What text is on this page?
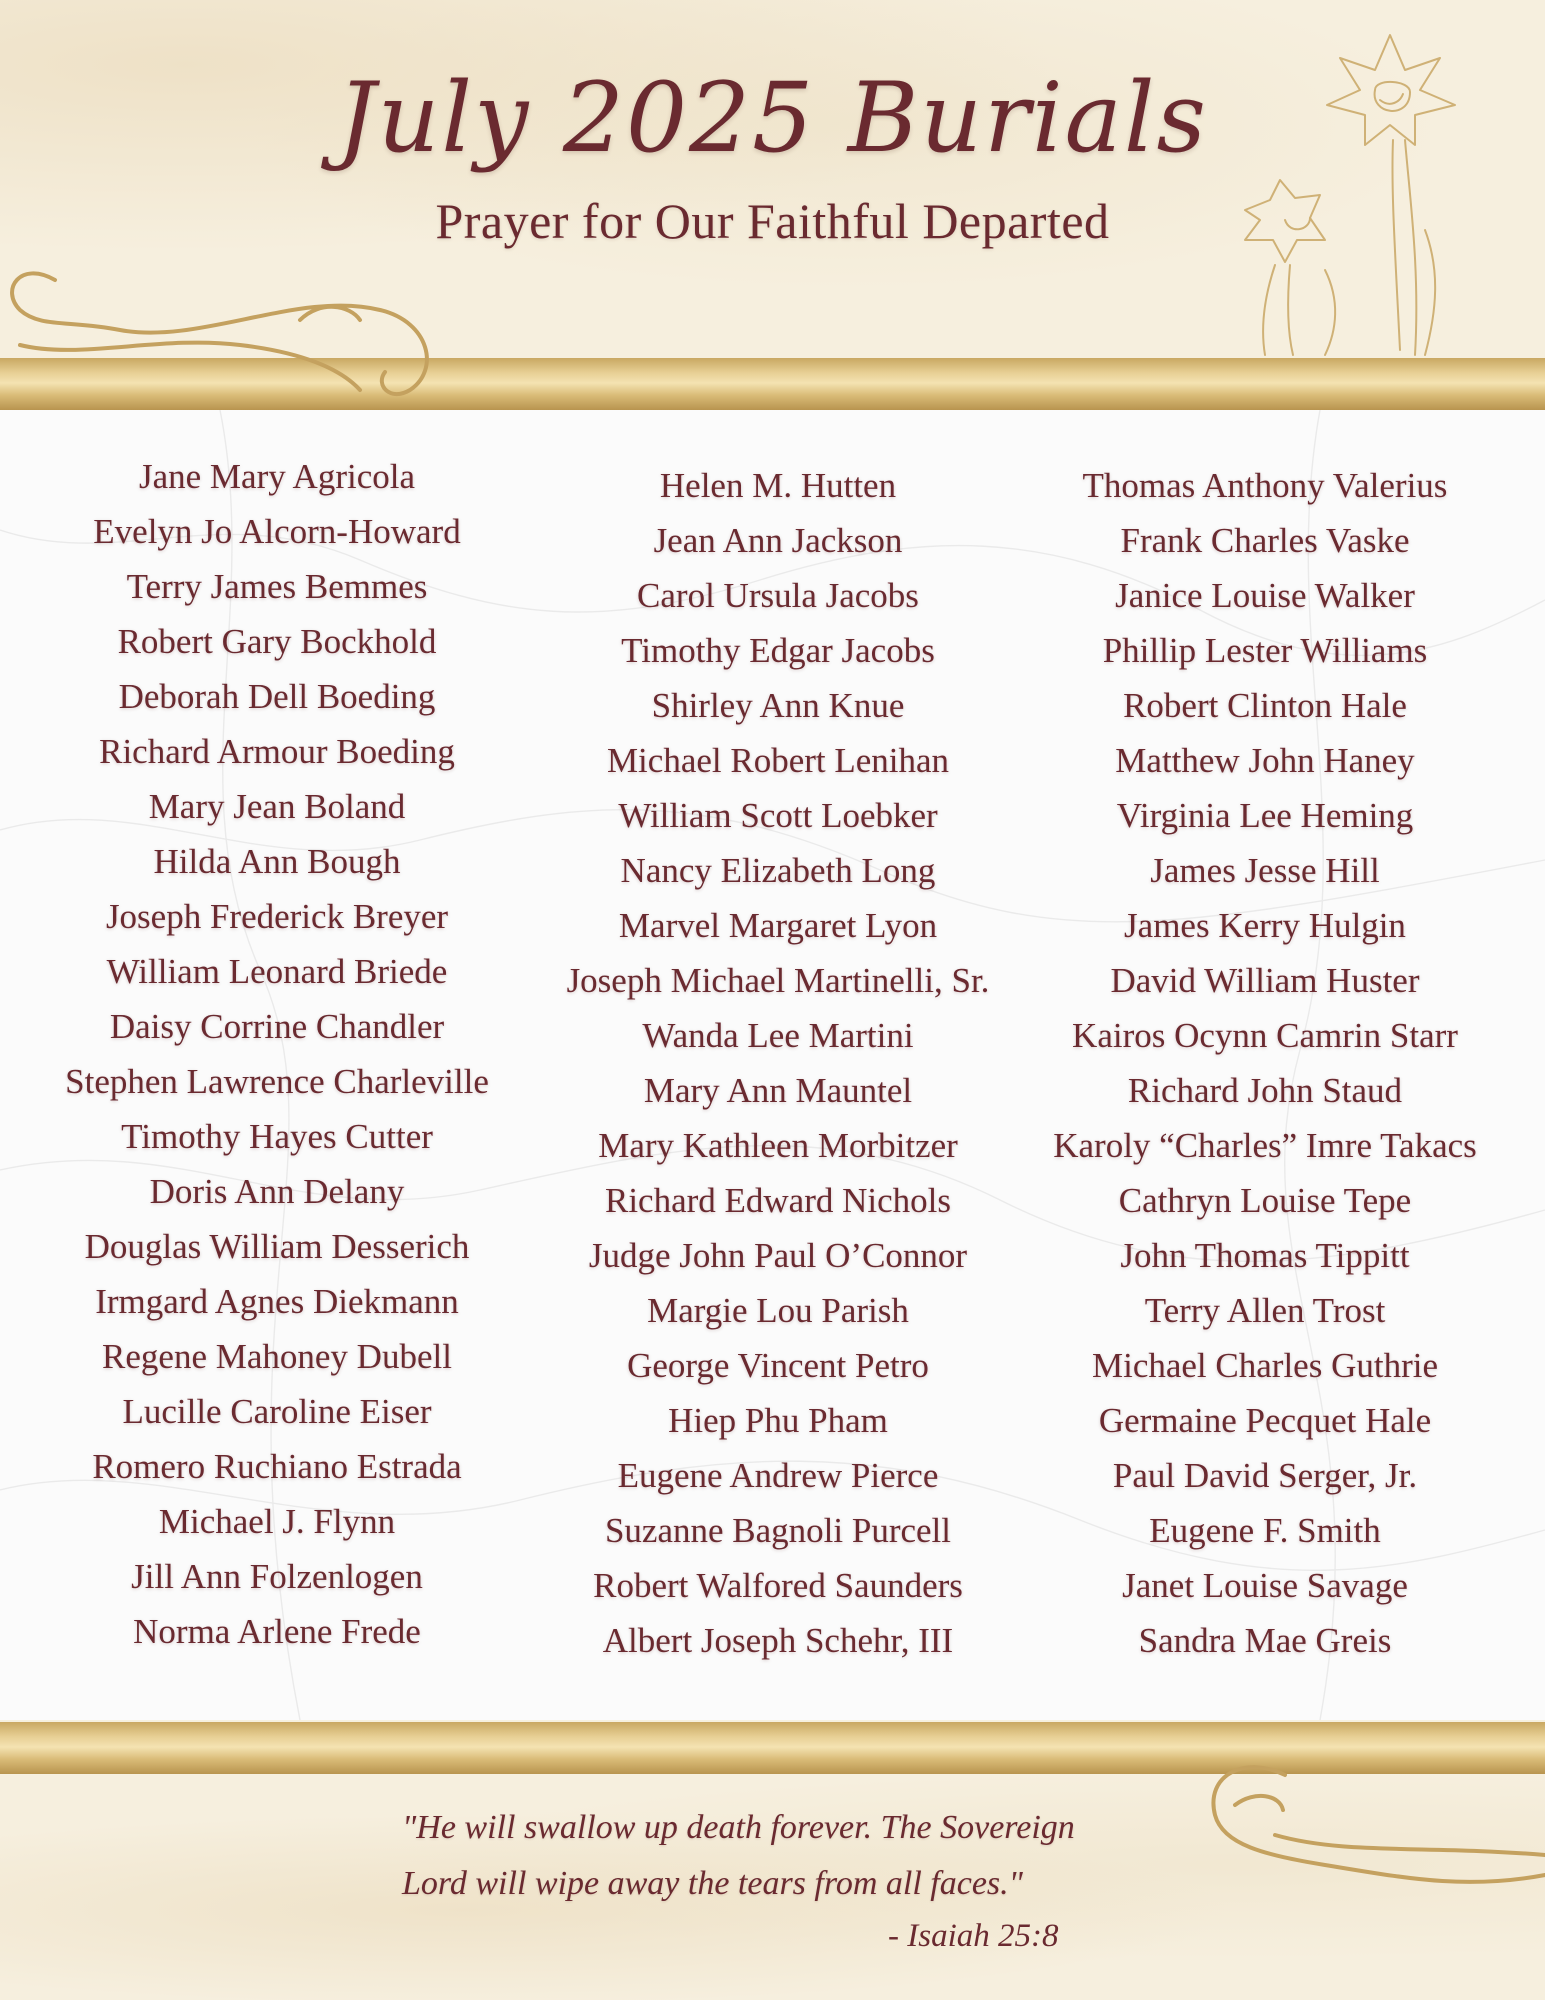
July 2025 Burials
Prayer for Our Faithful Departed
Jane Mary Agricola
Evelyn Jo Alcorn-Howard
Terry James Bemmes
Robert Gary Bockhold
Deborah Dell Boeding
Richard Armour Boeding
Mary Jean Boland
Hilda Ann Bough
Joseph Frederick Breyer
William Leonard Briede
Daisy Corrine Chandler
Stephen Lawrence Charleville
Timothy Hayes Cutter
Doris Ann Delany
Douglas William Desserich
Irmgard Agnes Diekmann
Regene Mahoney Dubell
Lucille Caroline Eiser
Romero Ruchiano Estrada
Michael J. Flynn
Jill Ann Folzenlogen
Norma Arlene Frede
Helen M. Hutten
Jean Ann Jackson
Carol Ursula Jacobs
Timothy Edgar Jacobs
Shirley Ann Knue
Michael Robert Lenihan
William Scott Loebker
Nancy Elizabeth Long
Marvel Margaret Lyon
Joseph Michael Martinelli, Sr.
Wanda Lee Martini
Mary Ann Mauntel
Mary Kathleen Morbitzer
Richard Edward Nichols
Judge John Paul O’Connor
Margie Lou Parish
George Vincent Petro
Hiep Phu Pham
Eugene Andrew Pierce
Suzanne Bagnoli Purcell
Robert Walfored Saunders
Albert Joseph Schehr, III
Thomas Anthony Valerius
Frank Charles Vaske
Janice Louise Walker
Phillip Lester Williams
Robert Clinton Hale
Matthew John Haney
Virginia Lee Heming
James Jesse Hill
James Kerry Hulgin
David William Huster
Kairos Ocynn Camrin Starr
Richard John Staud
Karoly “Charles” Imre Takacs
Cathryn Louise Tepe
John Thomas Tippitt
Terry Allen Trost
Michael Charles Guthrie
Germaine Pecquet Hale
Paul David Serger, Jr.
Eugene F. Smith
Janet Louise Savage
Sandra Mae Greis
"He will swallow up death forever. The Sovereign
Lord will wipe away the tears from all faces."
- Isaiah 25:8
